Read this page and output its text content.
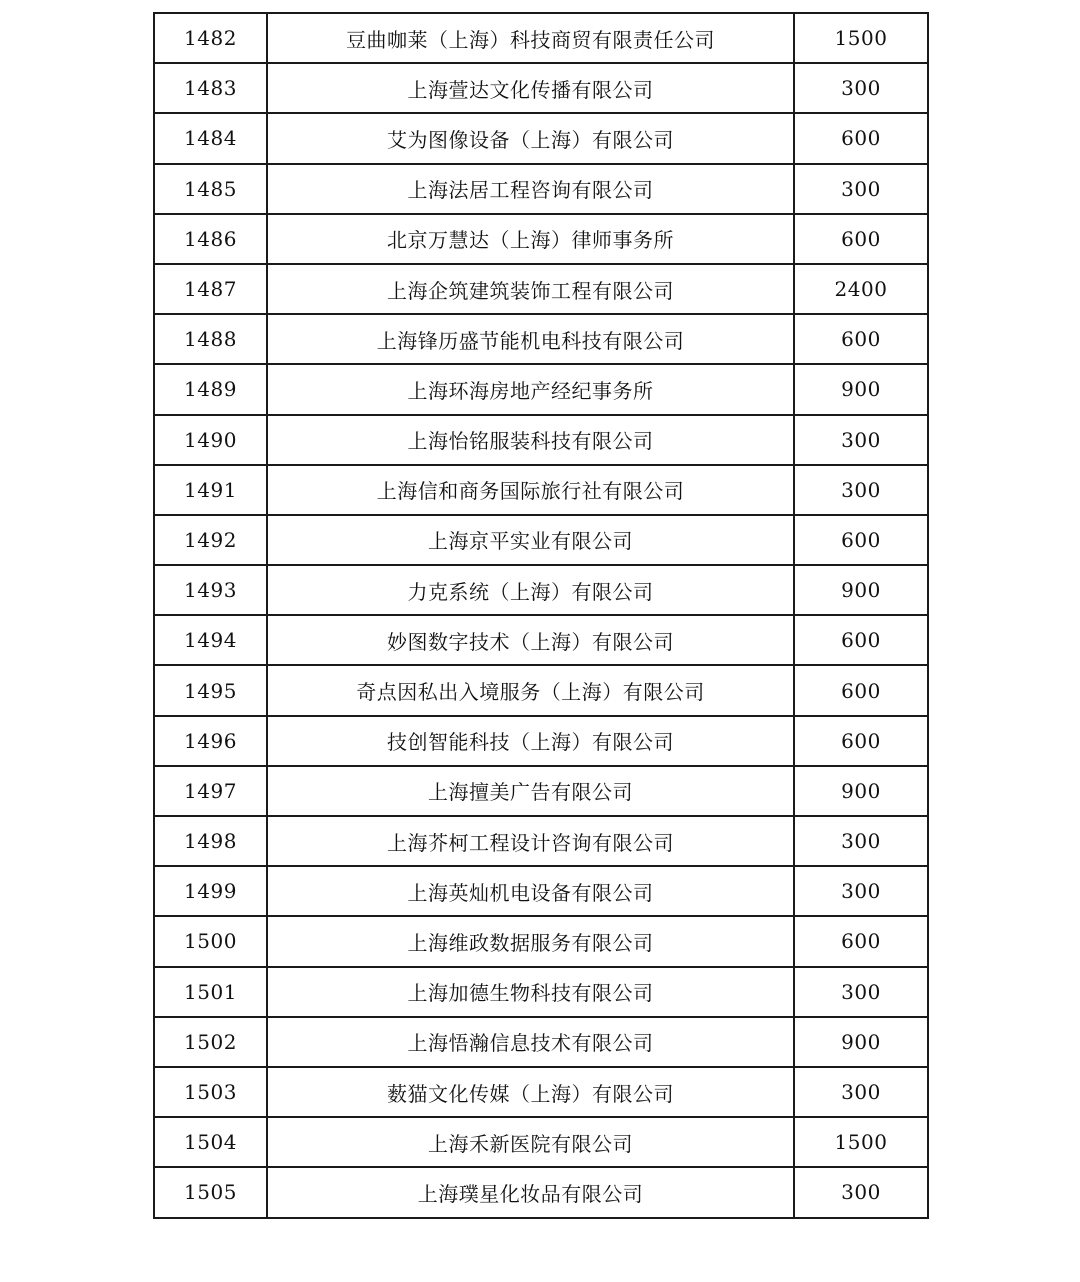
1482	豆曲咖莱（上海）科技商贸有限责任公司	1500
1483	上海萱达文化传播有限公司	300
1484	艾为图像设备（上海）有限公司	600
1485	上海法居工程咨询有限公司	300
1486	北京万慧达（上海）律师事务所	600
1487	上海企筑建筑装饰工程有限公司	2400
1488	上海锋历盛节能机电科技有限公司	600
1489	上海环海房地产经纪事务所	900
1490	上海怡铭服装科技有限公司	300
1491	上海信和商务国际旅行社有限公司	300
1492	上海京平实业有限公司	600
1493	力克系统（上海）有限公司	900
1494	妙图数字技术（上海）有限公司	600
1495	奇点因私出入境服务（上海）有限公司	600
1496	技创智能科技（上海）有限公司	600
1497	上海擅美广告有限公司	900
1498	上海芥柯工程设计咨询有限公司	300
1499	上海英灿机电设备有限公司	300
1500	上海维政数据服务有限公司	600
1501	上海加德生物科技有限公司	300
1502	上海悟瀚信息技术有限公司	900
1503	薮猫文化传媒（上海）有限公司	300
1504	上海禾新医院有限公司	1500
1505	上海璞星化妆品有限公司	300
